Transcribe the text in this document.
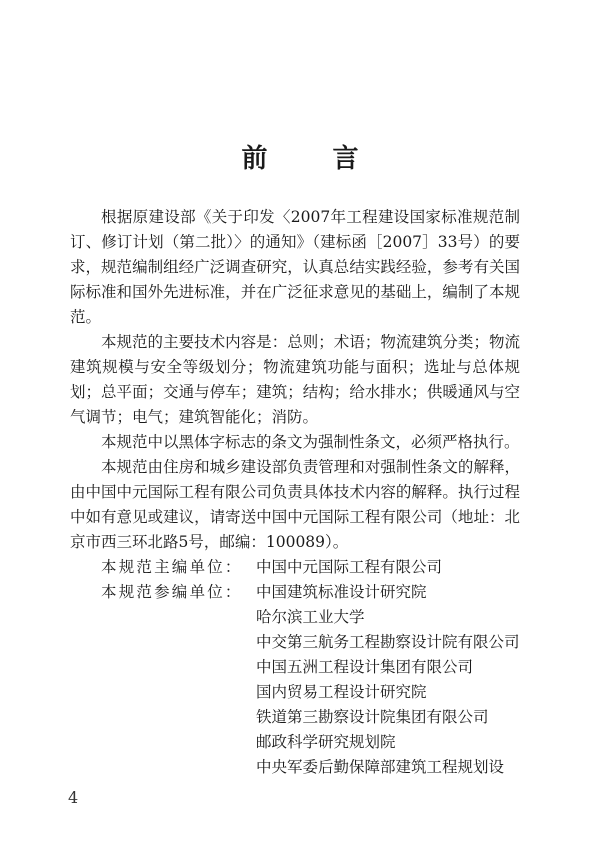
前 言

根据原建设部《关于印发〈2007年工程建设国家标准规范制订、修订计划（第二批）〉的通知》（建标函［2007］33号）的要求，规范编制组经广泛调查研究，认真总结实践经验，参考有关国际标准和国外先进标准，并在广泛征求意见的基础上，编制了本规范。

本规范的主要技术内容是：总则；术语；物流建筑分类；物流建筑规模与安全等级划分；物流建筑功能与面积；选址与总体规划；总平面；交通与停车；建筑；结构；给水排水；供暖通风与空气调节；电气；建筑智能化；消防。

本规范中以黑体字标志的条文为强制性条文，必须严格执行。

本规范由住房和城乡建设部负责管理和对强制性条文的解释，由中国中元国际工程有限公司负责具体技术内容的解释。执行过程中如有意见或建议，请寄送中国中元国际工程有限公司（地址：北京市西三环北路5号，邮编：100089）。

本规范主编单位： 中国中元国际工程有限公司
本规范参编单位： 中国建筑标准设计研究院
哈尔滨工业大学
中交第三航务工程勘察设计院有限公司
中国五洲工程设计集团有限公司
国内贸易工程设计研究院
铁道第三勘察设计院集团有限公司
邮政科学研究规划院
中央军委后勤保障部建筑工程规划设
4
